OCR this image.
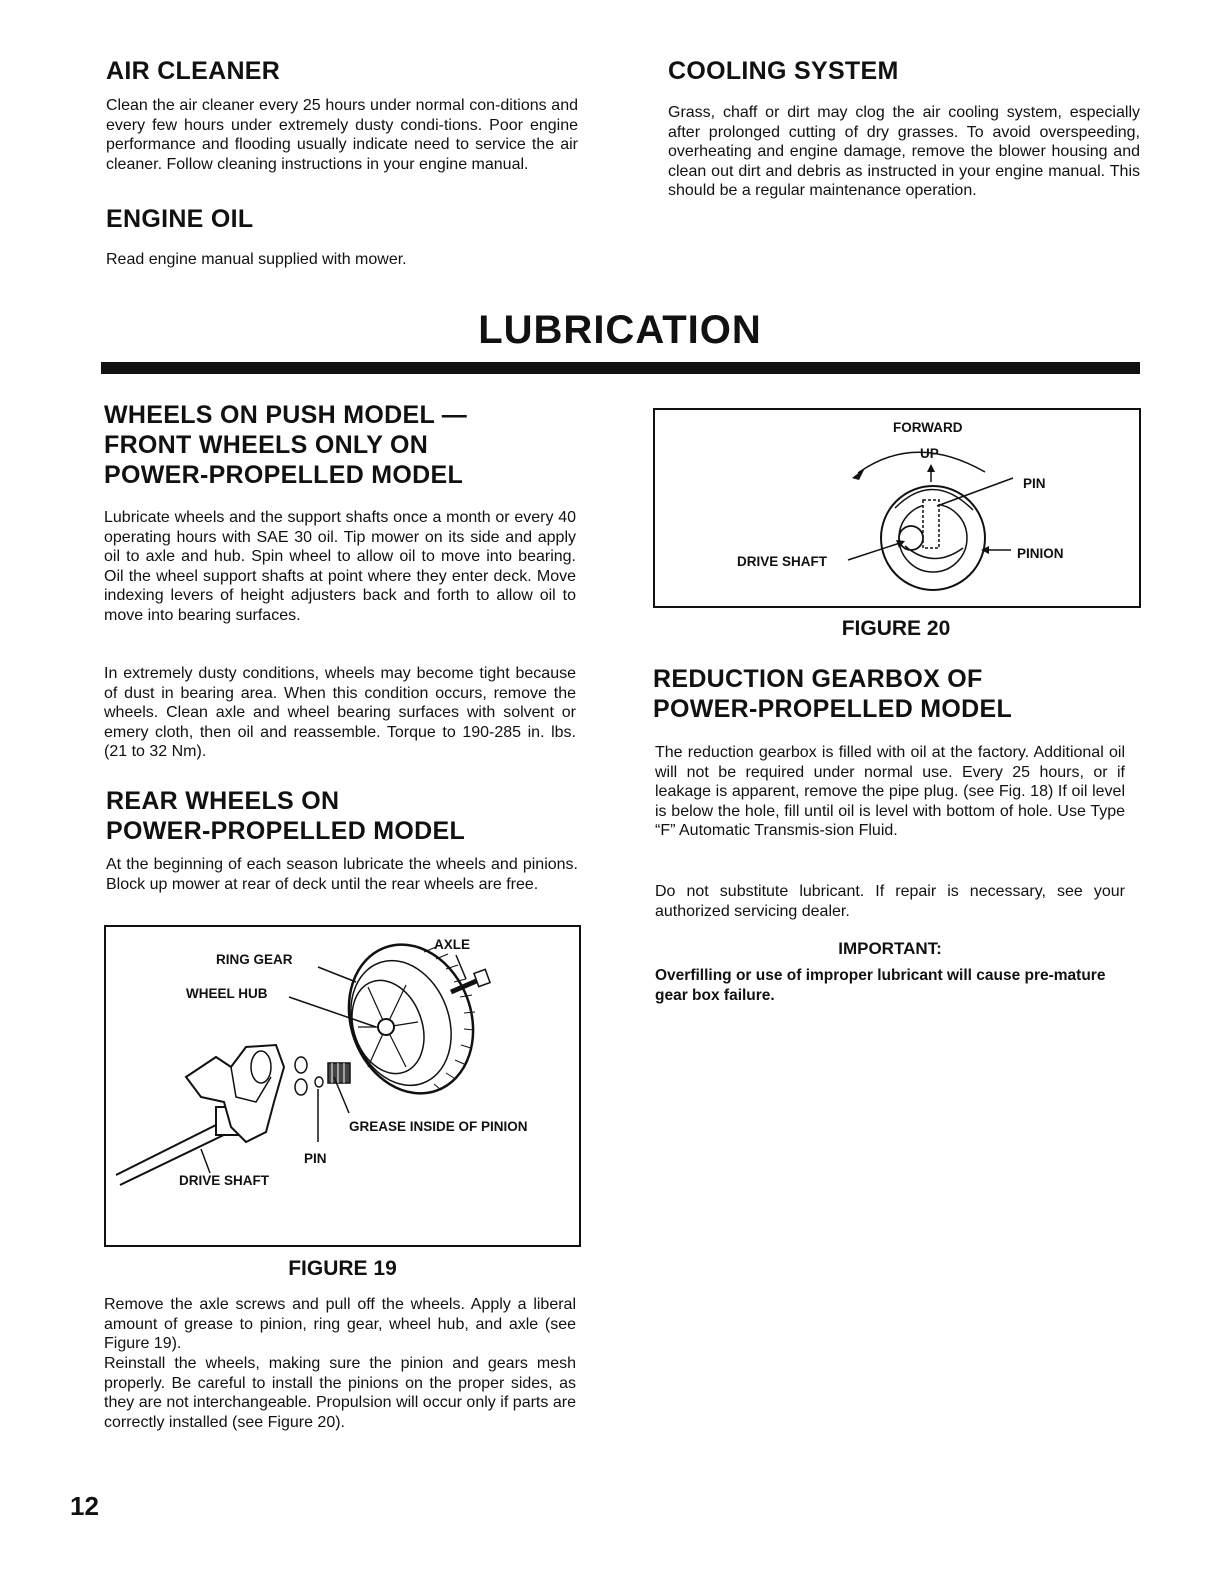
AIR CLEANER

Clean the air cleaner every 25 hours under normal con-ditions and every few hours under extremely dusty condi-tions. Poor engine performance and flooding usually indicate need to service the air cleaner. Follow cleaning instructions in your engine manual.

ENGINE OIL

Read engine manual supplied with mower.

COOLING SYSTEM

Grass, chaff or dirt may clog the air cooling system, especially after prolonged cutting of dry grasses. To avoid overspeeding, overheating and engine damage, remove the blower housing and clean out dirt and debris as instructed in your engine manual. This should be a regular maintenance operation.

LUBRICATION
WHEELS ON PUSH MODEL —
FRONT WHEELS ONLY ON
POWER-PROPELLED MODEL

Lubricate wheels and the support shafts once a month or every 40 operating hours with SAE 30 oil. Tip mower on its side and apply oil to axle and hub. Spin wheel to allow oil to move into bearing. Oil the wheel support shafts at point where they enter deck. Move indexing levers of height adjusters back and forth to allow oil to move into bearing surfaces.

In extremely dusty conditions, wheels may become tight because of dust in bearing area. When this condition occurs, remove the wheels. Clean axle and wheel bearing surfaces with solvent or emery cloth, then oil and reassemble. Torque to 190-285 in. lbs. (21 to 32 Nm).

REAR WHEELS ON
POWER-PROPELLED MODEL

At the beginning of each season lubricate the wheels and pinions. Block up mower at rear of deck until the rear wheels are free.

RING GEAR
WHEEL HUB
AXLE
GREASE INSIDE OF PINION
PIN
DRIVE SHAFT
FIGURE 19

Remove the axle screws and pull off the wheels. Apply a liberal amount of grease to pinion, ring gear, wheel hub, and axle (see Figure 19).

Reinstall the wheels, making sure the pinion and gears mesh properly. Be careful to install the pinions on the proper sides, as they are not interchangeable. Propulsion will occur only if parts are correctly installed (see Figure 20).

FORWARD
UP
PIN
PINION
DRIVE SHAFT
FIGURE 20
REDUCTION GEARBOX OF
POWER-PROPELLED MODEL

The reduction gearbox is filled with oil at the factory. Additional oil will not be required under normal use. Every 25 hours, or if leakage is apparent, remove the pipe plug. (see Fig. 18) If oil level is below the hole, fill until oil is level with bottom of hole. Use Type “F” Automatic Transmis-sion Fluid.

Do not substitute lubricant. If repair is necessary, see your authorized servicing dealer.

IMPORTANT:
Overfilling or use of improper lubricant will cause pre-mature gear box failure.
12
